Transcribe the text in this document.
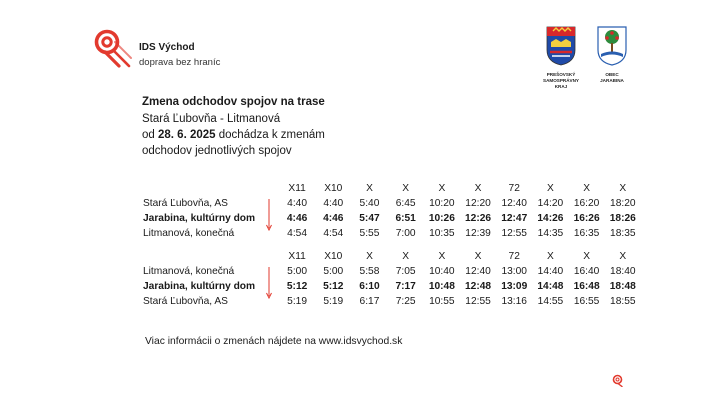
IDS Východ
doprava bez hraníc
PREŠOVSKÝ
SAMOSPRÁVNY
KRAJ
OBEC
JARABINA
Zmena odchodov spojov na trase
Stará Ľubovňa - Litmanová
od 28. 6. 2025 dochádza k zmenám
odchodov jednotlivých spojov
		X11	X10	X	X	X	X	72	X	X	X
Stará Ľubovňa, AS		4:40	4:40	5:40	6:45	10:20	12:20	12:40	14:20	16:20	18:20
Jarabina, kultúrny dom		4:46	4:46	5:47	6:51	10:26	12:26	12:47	14:26	16:26	18:26
Litmanová, konečná		4:54	4:54	5:55	7:00	10:35	12:39	12:55	14:35	16:35	18:35
		X11	X10	X	X	X	X	72	X	X	X
Litmanová, konečná		5:00	5:00	5:58	7:05	10:40	12:40	13:00	14:40	16:40	18:40
Jarabina, kultúrny dom		5:12	5:12	6:10	7:17	10:48	12:48	13:09	14:48	16:48	18:48
Stará Ľubovňa, AS		5:19	5:19	6:17	7:25	10:55	12:55	13:16	14:55	16:55	18:55
Viac informácii o zmenách nájdete na www.idsvychod.sk
